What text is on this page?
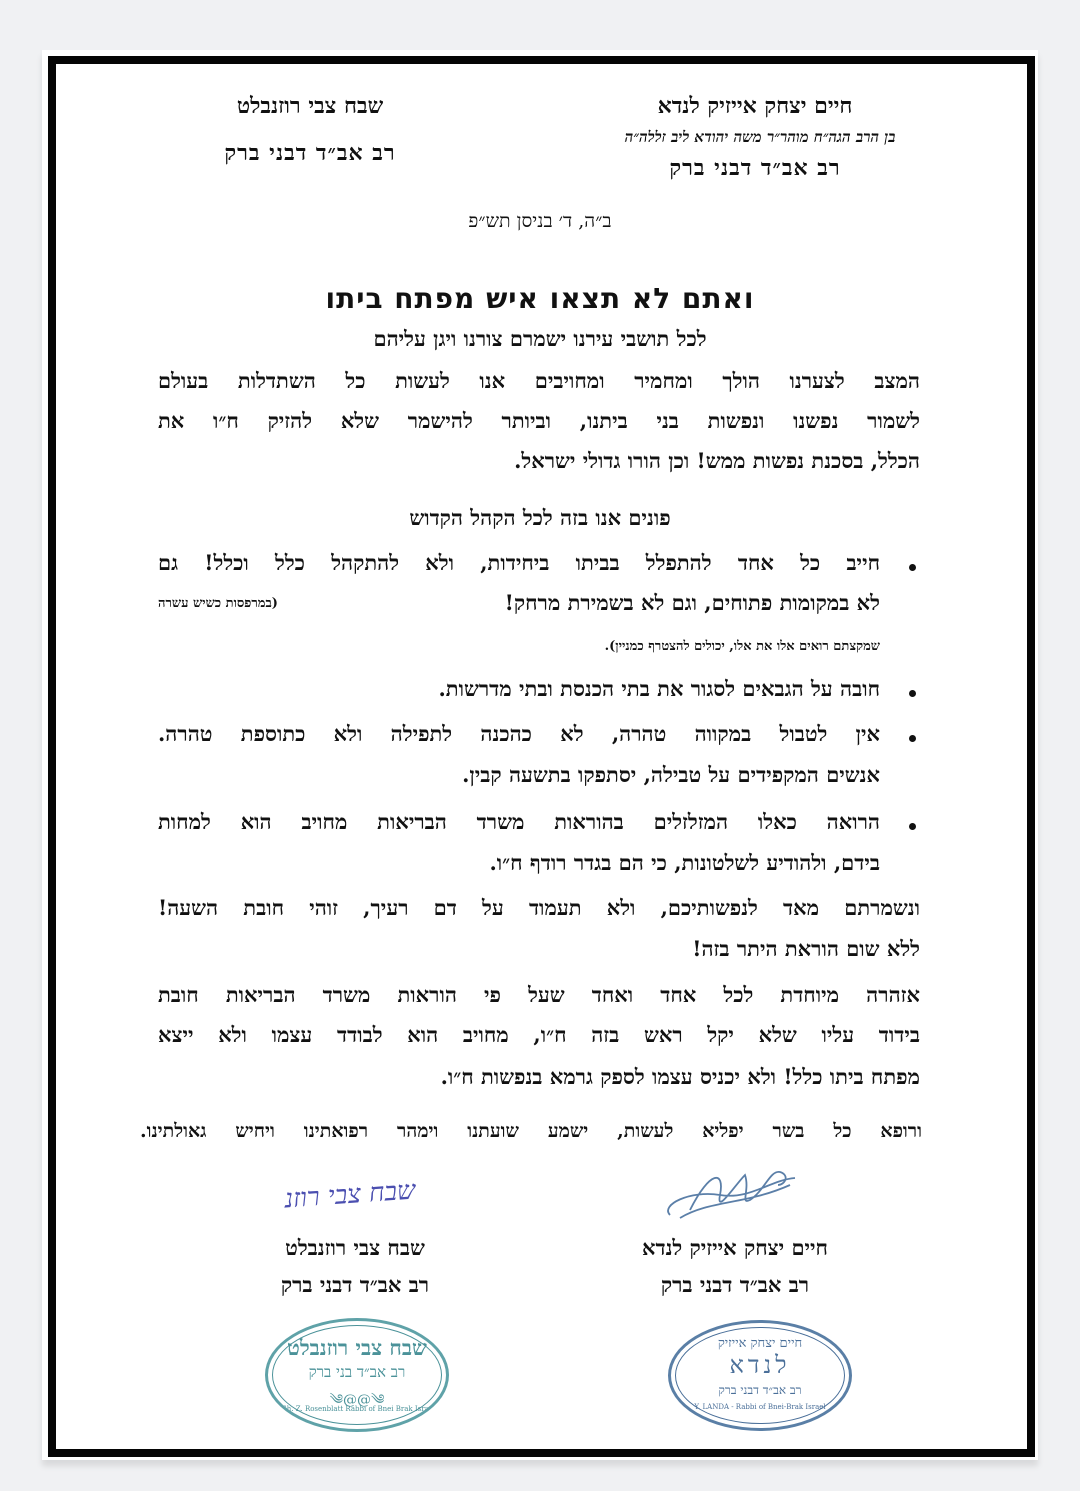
חיים יצחק אייזיק לנדא
בן הרב הגה״ח מוהר״ר משה יהודא ליב זללה״ה
רב אב״ד דבני ברק
שבח צבי רוזנבלט
רב אב״ד דבני ברק
ב״ה, ד׳ בניסן תש״פ
ואתם לא תצאו איש מפתח ביתו
לכל תושבי עירנו ישמרם צורנו ויגן עליהם
המצב לצערנו הולך ומחמיר ומחויבים אנו לעשות כל השתדלות בעולם
לשמור נפשנו ונפשות בני ביתנו, וביותר להישמר שלא להזיק ח״ו את
הכלל, בסכנת נפשות ממש! וכן הורו גדולי ישראל.
פונים אנו בזה לכל הקהל הקדוש
חייב כל אחד להתפלל בביתו ביחידות, ולא להתקהל כלל וכלל! גם
לא במקומות פתוחים, וגם לא בשמירת מרחק!
(במרפסות כשיש עשרה
שמקצתם רואים אלו את אלו, יכולים להצטרף כמניין).
חובה על הגבאים לסגור את בתי הכנסת ובתי מדרשות.
אין לטבול במקווה טהרה, לא כהכנה לתפילה ולא כתוספת טהרה.
אנשים המקפידים על טבילה, יסתפקו בתשעה קבין.
הרואה כאלו המזלזלים בהוראות משרד הבריאות מחויב הוא למחות
בידם, ולהודיע לשלטונות, כי הם בגדר רודף ח״ו.
ונשמרתם מאד לנפשותיכם, ולא תעמוד על דם רעיך, זוהי חובת השעה!
ללא שום הוראת היתר בזה!
אזהרה מיוחדת לכל אחד ואחד שעל פי הוראות משרד הבריאות חובת
בידוד עליו שלא יקל ראש בזה ח״ו, מחויב הוא לבודד עצמו ולא ייצא
מפתח ביתו כלל! ולא יכניס עצמו לספק גרמא בנפשות ח״ו.
ורופא כל בשר יפליא לעשות, ישמע שועתנו וימהר רפואתינו ויחיש גאולתינו.
שבח צבי רוזנ
חיים יצחק אייזיק לנדא
רב אב״ד דבני ברק
שבח צבי רוזנבלט
רב אב״ד דבני ברק
שבח צבי רוזנבלט
רב אב״ד בני ברק
༄@@༄
Sh. Z. Rosenblatt Rabbi of Bnei Brak Israel
חיים יצחק אייזיק
לנדא
רב אב״ד דבני ברק
Y. LANDA - Rabbi of Bnei-Brak Israel
